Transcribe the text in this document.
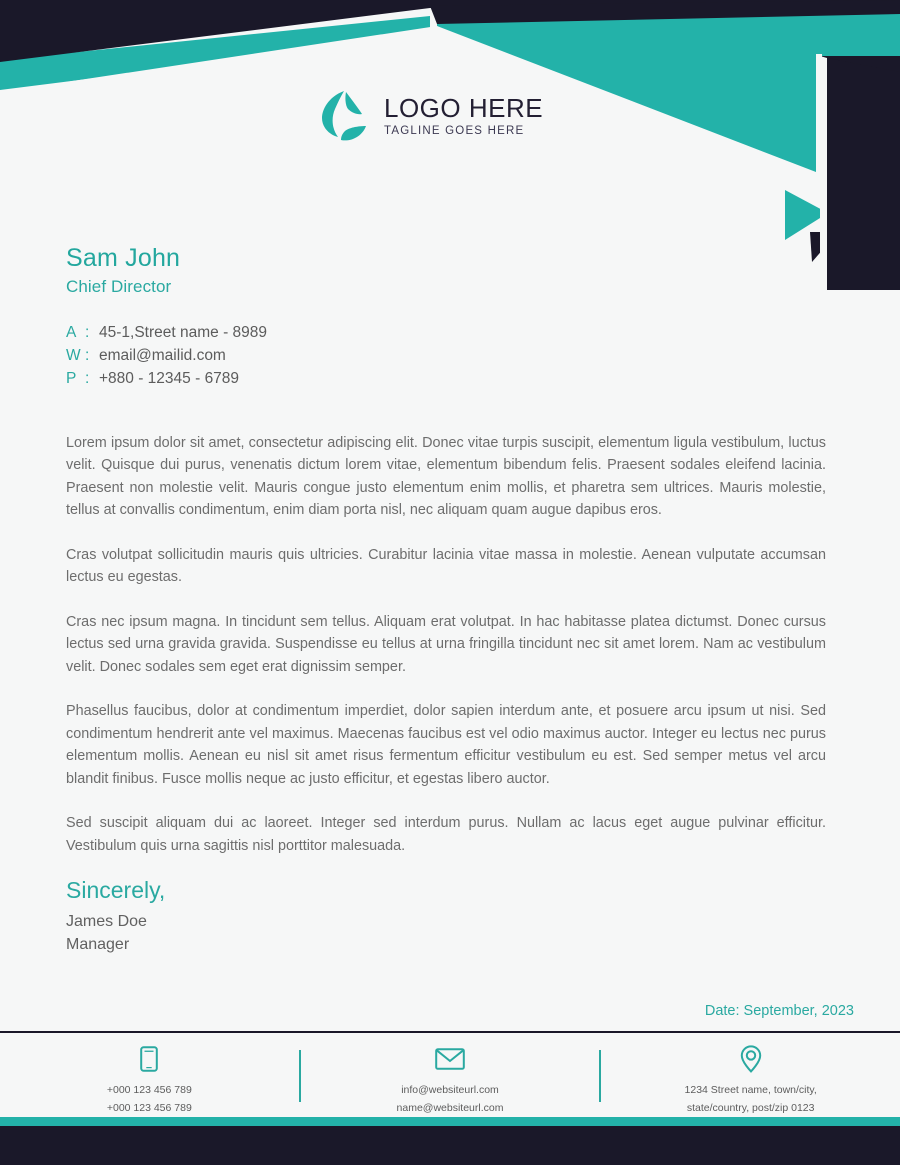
LOGO HERE
TAGLINE GOES HERE
Sam John
Chief Director
A : 45-1,Street name - 8989
W : email@mailid.com
P : +880 - 12345 - 6789

Lorem ipsum dolor sit amet, consectetur adipiscing elit. Donec vitae turpis suscipit, elementum ligula vestibulum, luctus velit. Quisque dui purus, venenatis dictum lorem vitae, elementum bibendum felis. Praesent sodales eleifend lacinia. Praesent non molestie velit. Mauris congue justo elementum enim mollis, et pharetra sem ultrices. Mauris molestie, tellus at convallis condimentum, enim diam porta nisl, nec aliquam quam augue dapibus eros.

Cras volutpat sollicitudin mauris quis ultricies. Curabitur lacinia vitae massa in molestie. Aenean vulputate accumsan lectus eu egestas.

Cras nec ipsum magna. In tincidunt sem tellus. Aliquam erat volutpat. In hac habitasse platea dictumst. Donec cursus lectus sed urna gravida gravida. Suspendisse eu tellus at urna fringilla tincidunt nec sit amet lorem. Nam ac vestibulum velit. Donec sodales sem eget erat dignissim semper.

Phasellus faucibus, dolor at condimentum imperdiet, dolor sapien interdum ante, et posuere arcu ipsum ut nisi. Sed condimentum hendrerit ante vel maximus. Maecenas faucibus est vel odio maximus auctor. Integer eu lectus nec purus elementum mollis. Aenean eu nisl sit amet risus fermentum efficitur vestibulum eu est. Sed semper metus vel arcu blandit finibus. Fusce mollis neque ac justo efficitur, et egestas libero auctor.

Sed suscipit aliquam dui ac laoreet. Integer sed interdum purus. Nullam ac lacus eget augue pulvinar efficitur. Vestibulum quis urna sagittis nisl porttitor malesuada.

Sincerely,
James Doe
Manager
Date: September, 2023
+000 123 456 789
+000 123 456 789
info@websiteurl.com
name@websiteurl.com
1234 Street name, town/city,
state/country, post/zip 0123
